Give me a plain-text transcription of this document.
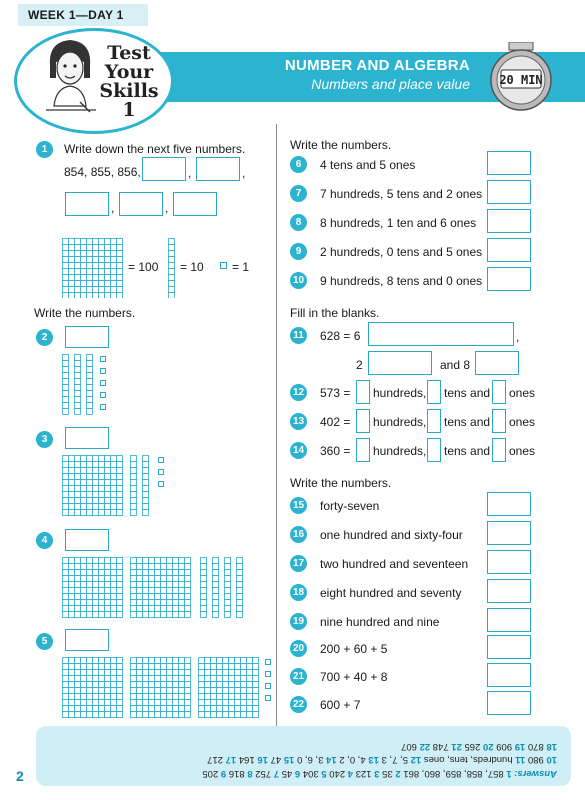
WEEK 1—DAY 1
Test
Your
Skills
1
NUMBER AND ALGEBRA
Numbers and place value 20 MIN
1	Write down the next five numbers.
854, 855, 856,	,	,
,	,
= 100 = 10 = 1
Write the numbers.
2
3
4
5
Write the numbers.
6	4 tens and 5 ones
7	7 hundreds, 5 tens and 2 ones
8	8 hundreds, 1 ten and 6 ones
9	2 hundreds, 0 tens and 5 ones
10 9 hundreds, 8 tens and 0 ones
Fill in the blanks.
11 628 = 6	,
2	and 8
12 573 = hundreds, tens and ones
13 402 = hundreds, tens and ones
14 360 = hundreds, tens and ones
Write the numbers.
15 forty-seven
16 one hundred and sixty-four
17 two hundred and seventeen
18 eight hundred and seventy
19 nine hundred and nine
20 200 + 60 + 5
21 700 + 40 + 8
22 600 + 7
Answers: 1 857, 858, 859, 860, 861 2 35 3 123 4 240 5 304 6 45 7 752 8 816 9 205
10 980 11 hundreds, tens, ones 12 5, 7, 3 13 4, 0, 2 14 3, 6, 0 15 47 16 164 17 217
18 870 19 909 20 265 21 748 22 607
2
